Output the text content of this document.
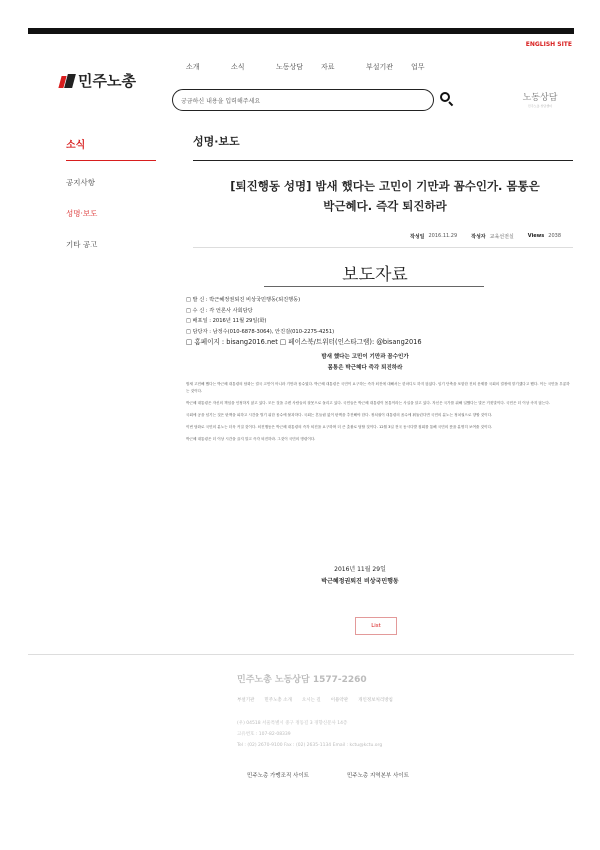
ENGLISH SITE
민주노총
소개	소식	노동상담	자료	부설기관	업무
궁금하신 내용을 입력해주세요	노동상담
민주노총 상담센터
소식	성명·보도
공지사항
성명·보도
기타 공고
[퇴진행동 성명] 밤새 했다는 고민이 기만과 꼼수인가. 몸통은
박근혜다. 즉각 퇴진하라
작성일 2016.11.29	작성자 교육선전실	Views 2038
보도자료
□ 발 신 : 박근혜정권퇴진 비상국민행동(퇴진행동)
□ 수 신 : 각 언론사 사회담당
□ 배포일 : 2016년 11월 29일(화)
□ 담당자 : 남정수(010-6878-3064), 안진걸(010-2275-4251)
□ 홈페이지 : bisang2016.net □ 페이스북/트위터(인스타그램): @bisang2016
밤새 했다는 고민이 기만과 꼼수인가
몸통은 박근혜다 즉각 퇴진하라

밤새 고민해 했다는 박근혜 대통령의 담화는 결국 고민이 아니라 기만과 꼼수였다. 박근혜 대통령은 국민이 요구하는 즉각 퇴진에 대해서는 한마디도 하지 않았다. 임기 단축을 포함한 진퇴 문제를 국회의 결정에 맡기겠다고 했다. 이는 국민을 우롱하는 것이다.

박근혜 대통령은 자신의 책임을 인정하지 않고 있다. 모든 것을 주변 사람들의 잘못으로 돌리고 있다. 국민들은 박근혜 대통령이 몸통이라는 사실을 알고 있다. 자신은 국가를 위해 일했다는 말은 거짓말이다. 국민은 더 이상 속지 않는다.

국회에 공을 넘기는 것은 탄핵을 피하고 시간을 벌기 위한 꼼수에 불과하다. 국회는 흔들림 없이 탄핵을 추진해야 한다. 정치권이 대통령의 꼼수에 휘둘린다면 국민의 분노는 정치권으로 향할 것이다.

이번 담화로 국민의 분노는 더욱 커질 것이다. 퇴진행동은 박근혜 대통령의 즉각 퇴진을 요구하며 더 큰 촛불로 답할 것이다. 12월 3일 전국 동시다발 집회를 통해 국민의 뜻을 분명히 보여줄 것이다.

박근혜 대통령은 더 이상 시간을 끌지 말고 즉각 퇴진하라. 그것이 국민의 명령이다.

2016년 11월 29일
박근혜정권퇴진 비상국민행동
List
민주노총 노동상담 1577-2260
부설기관 민주노총 소개 오시는 길 이용약관 개인정보처리방침
(우) 04518 서울특별시 중구 정동길 3 경향신문사 14층
고유번호 : 107-82-08339
Tel : (02) 2670-9100 Fax : (02) 2635-1134 Email : kctu@kctu.org
민주노총 가맹조직 사이트	민주노총 지역본부 사이트
